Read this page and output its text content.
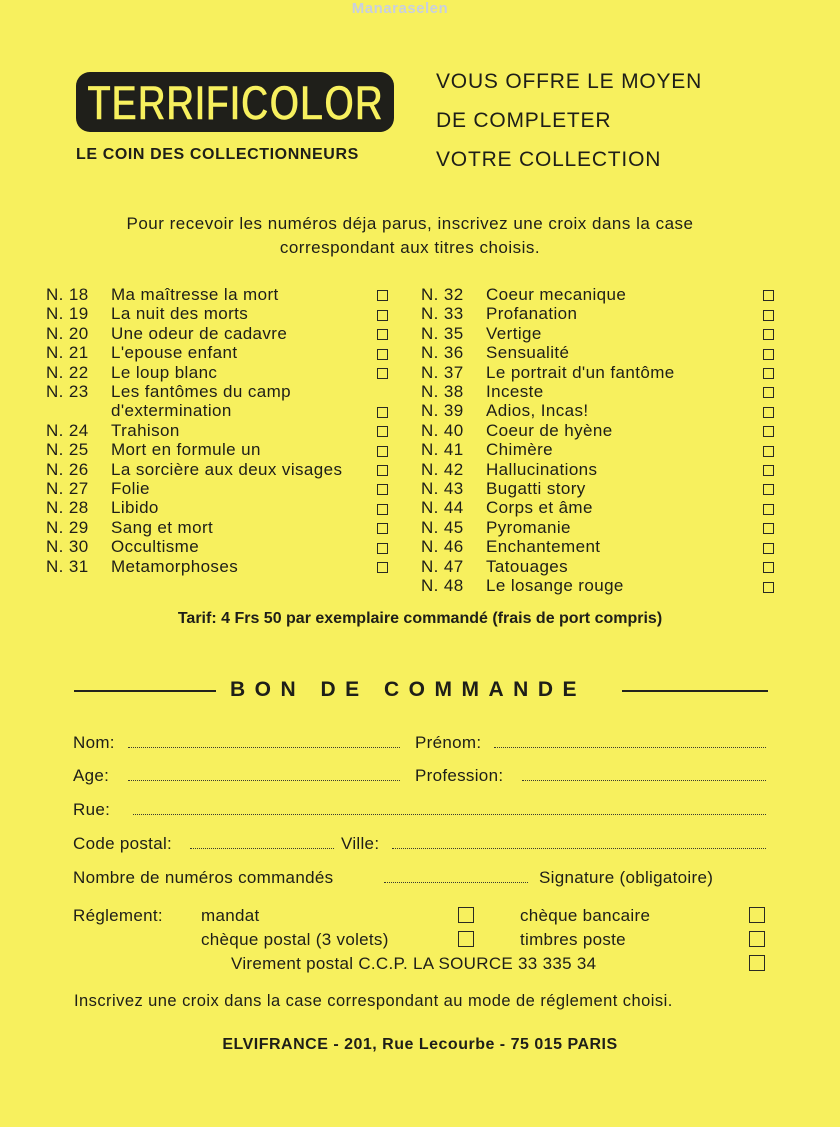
Manaraselen
TERRIFICOLOR
LE COIN DES COLLECTIONNEURS
VOUS OFFRE LE MOYEN
DE COMPLETER
VOTRE COLLECTION
Pour recevoir les numéros déja parus, inscrivez une croix dans la case
correspondant aux titres choisis.
N. 18 Ma maîtresse la mort
N. 19 La nuit des morts
N. 20 Une odeur de cadavre
N. 21 L'epouse enfant
N. 22 Le loup blanc
N. 23 Les fantômes du camp d'extermination
N. 24 Trahison
N. 25 Mort en formule un
N. 26 La sorcière aux deux visages
N. 27 Folie
N. 28 Libido
N. 29 Sang et mort
N. 30 Occultisme
N. 31 Metamorphoses
N. 32 Coeur mecanique
N. 33 Profanation
N. 35 Vertige
N. 36 Sensualité
N. 37 Le portrait d'un fantôme
N. 38 Inceste
N. 39 Adios, Incas!
N. 40 Coeur de hyène
N. 41 Chimère
N. 42 Hallucinations
N. 43 Bugatti story
N. 44 Corps et âme
N. 45 Pyromanie
N. 46 Enchantement
N. 47 Tatouages
N. 48 Le losange rouge
Tarif: 4 Frs 50 par exemplaire commandé (frais de port compris)
BON DE COMMANDE
Nom:	Prénom:
Age:	Profession:
Rue:
Code postal:	Ville:
Nombre de numéros commandés	Signature (obligatoire)
Réglement: mandat	chèque bancaire
chèque postal (3 volets)	timbres poste
Virement postal C.C.P. LA SOURCE 33 335 34
Inscrivez une croix dans la case correspondant au mode de réglement choisi.
ELVIFRANCE - 201, Rue Lecourbe - 75 015 PARIS
